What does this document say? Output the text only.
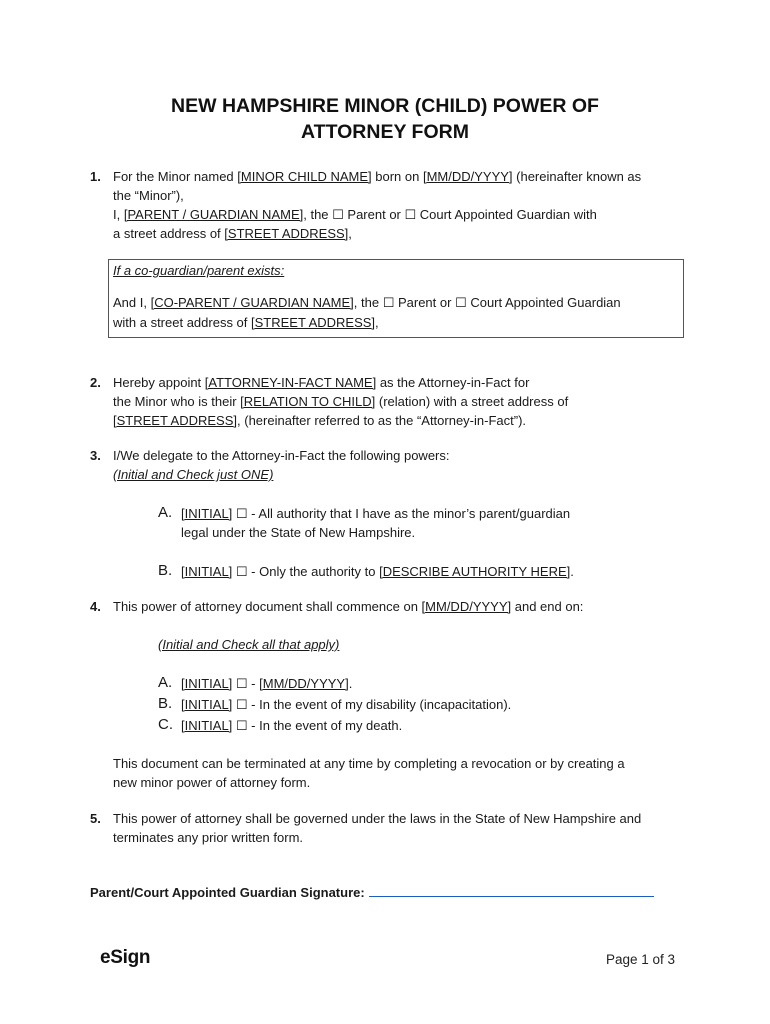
NEW HAMPSHIRE MINOR (CHILD) POWER OF
ATTORNEY FORM
1. For the Minor named [MINOR CHILD NAME] born on [MM/DD/YYYY] (hereinafter known as
the “Minor”),
I, [PARENT / GUARDIAN NAME], the ☐ Parent or ☐ Court Appointed Guardian with
a street address of [STREET ADDRESS],
If a co-guardian/parent exists:
And I, [CO-PARENT / GUARDIAN NAME], the ☐ Parent or ☐ Court Appointed Guardian
with a street address of [STREET ADDRESS],
2. Hereby appoint [ATTORNEY-IN-FACT NAME] as the Attorney-in-Fact for
the Minor who is their [RELATION TO CHILD] (relation) with a street address of
[STREET ADDRESS], (hereinafter referred to as the “Attorney-in-Fact”).
3. I/We delegate to the Attorney-in-Fact the following powers:
(Initial and Check just ONE)
A. [INITIAL] ☐ - All authority that I have as the minor’s parent/guardian
legal under the State of New Hampshire.
B. [INITIAL] ☐ - Only the authority to [DESCRIBE AUTHORITY HERE].
4. This power of attorney document shall commence on [MM/DD/YYYY] and end on:
(Initial and Check all that apply)
A. [INITIAL] ☐ - [MM/DD/YYYY].
B. [INITIAL] ☐ - In the event of my disability (incapacitation).
C. [INITIAL] ☐ - In the event of my death.
This document can be terminated at any time by completing a revocation or by creating a
new minor power of attorney form.
5. This power of attorney shall be governed under the laws in the State of New Hampshire and
terminates any prior written form.
Parent/Court Appointed Guardian Signature:
eSign	Page 1 of 3
